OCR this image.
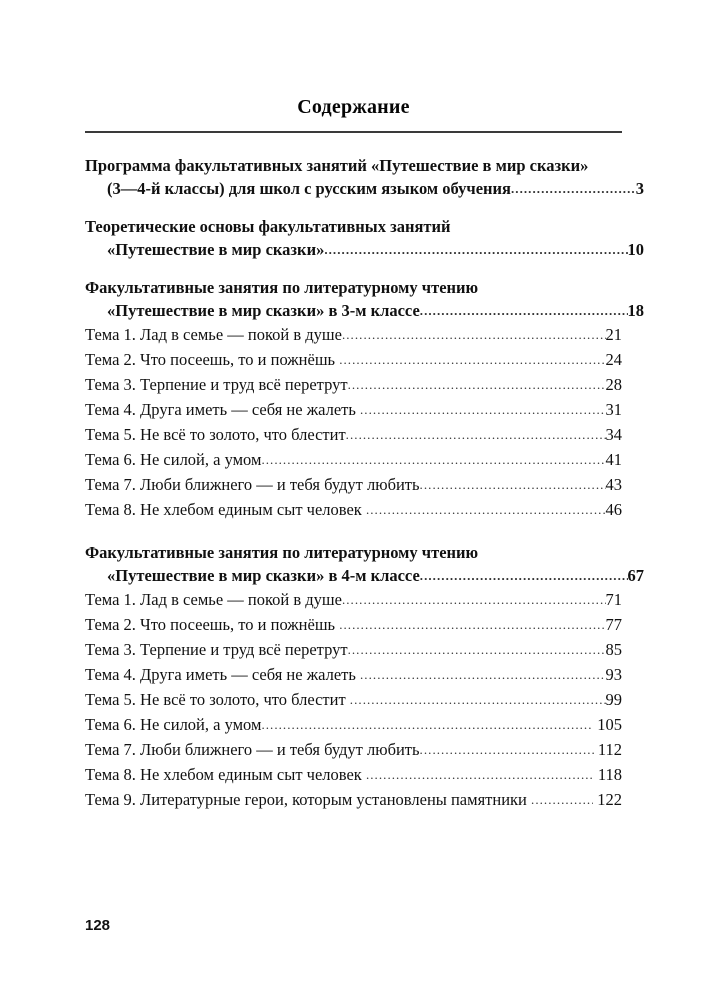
Содержание
Программа факультативных занятий «Путешествие в мир сказки»
(3—4-й классы) для школ с русским языком обучения .....	3
Теоретические основы факультативных занятий
«Путешествие в мир сказки» .....	10
Факультативные занятия по литературному чтению
«Путешествие в мир сказки» в 3-м классе .....	18
Тема 1. Лад в семье — покой в душе .....	21
Тема 2. Что посеешь, то и пожнёшь .....	24
Тема 3. Терпение и труд всё перетрут .....	28
Тема 4. Друга иметь — себя не жалеть .....	31
Тема 5. Не всё то золото, что блестит .....	34
Тема 6. Не силой, а умом .....	41
Тема 7. Люби ближнего — и тебя будут любить .....	43
Тема 8. Не хлебом единым сыт человек .....	46
Факультативные занятия по литературному чтению
«Путешествие в мир сказки» в 4-м классе .....	67
Тема 1. Лад в семье — покой в душе .....	71
Тема 2. Что посеешь, то и пожнёшь .....	77
Тема 3. Терпение и труд всё перетрут .....	85
Тема 4. Друга иметь — себя не жалеть .....	93
Тема 5. Не всё то золото, что блестит .....	99
Тема 6. Не силой, а умом .....	105
Тема 7. Люби ближнего — и тебя будут любить .....	112
Тема 8. Не хлебом единым сыт человек .....	118
Тема 9. Литературные герои, которым установлены памятники .....	122
128
